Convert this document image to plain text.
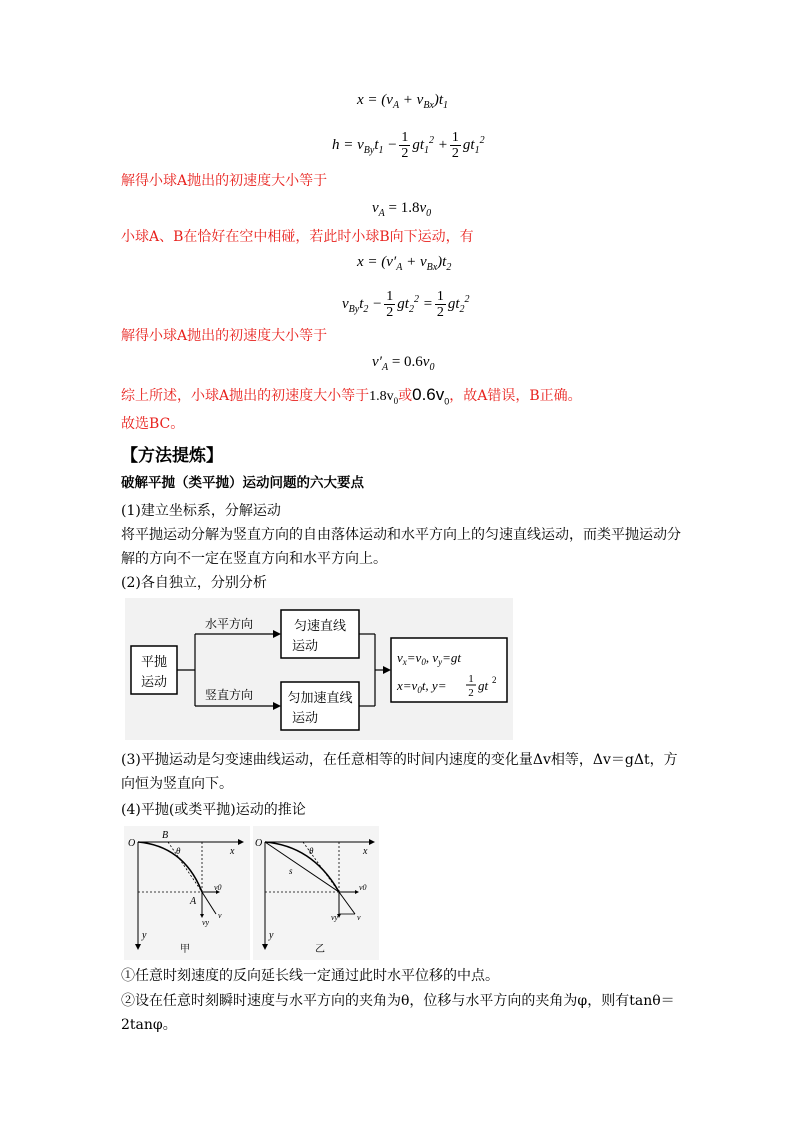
$x = (v_A + v_{Bx})t_1$
$h = v_{By}t_1 - \frac{1}{2} gt_1^2 + \frac{1}{2} gt_1^2$
解得小球A抛出的初速度大小等于
$v_A = 1.8v_0$
小球A、B在恰好在空中相碰，若此时小球B向下运动，有
$x = (v'_A + v_{Bx})t_2$
$v_{By}t_2 - \frac{1}{2} gt_2^2 = \frac{1}{2} gt_2^2$
解得小球A抛出的初速度大小等于
$v'_A = 0.6v_0$
综上所述，小球A抛出的初速度大小等于$1.8v_0$或$0.6v_0$，故A错误，B正确。
故选BC。
【方法提炼】
破解平抛（类平抛）运动问题的六大要点
(1)建立坐标系，分解运动
将平抛运动分解为竖直方向的自由落体运动和水平方向上的匀速直线运动，而类平抛运动分解的方向不一定在竖直方向和水平方向上。
(2)各自独立，分别分析
平抛
运动
水平方向
竖直方向
匀速直线
运动
匀加速直线
运动
$v_x=v_0$, $v_y=gt$
$x=v_0t$, y= 1
2 gt 2
(3)平抛运动是匀变速曲线运动，在任意相等的时间内速度的变化量Δv相等，Δv＝gΔt，方向恒为竖直向下。
(4)平抛(或类平抛)运动的推论
O
x
y
B
θ
v0
A
vy
v
甲
O
x
y
θ
s
v0
vy v
乙
①任意时刻速度的反向延长线一定通过此时水平位移的中点。
②设在任意时刻瞬时速度与水平方向的夹角为θ，位移与水平方向的夹角为φ，则有tanθ＝2tanφ。
